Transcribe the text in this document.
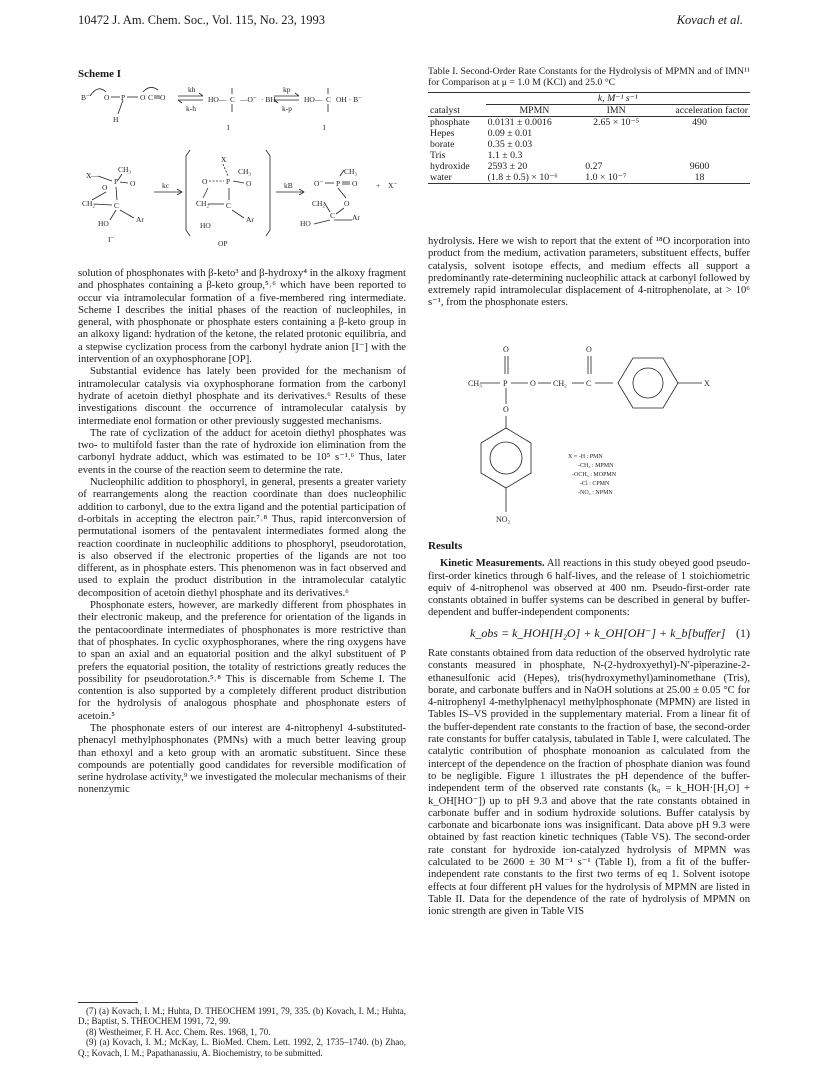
10472 J. Am. Chem. Soc., Vol. 115, No. 23, 1993	Kovach et al.
Scheme I
B⁻ O P O C O
H
kh
k-h
HO— C —O⁻ · BH
kp
k-p
HO— C OH · B⁻
I	I
X—
CH₃
O
P O
CH₂	C
HO	Ar
I⁻
kc
X
P O
O
CH₃
CH₂ C
HO
Ar
OP
kB
CH₃
O⁻ P O
CH₂	O
C
HO
Ar
+ X⁻

solution of phosphonates with β-keto³ and β-hydroxy⁴ in the alkoxy fragment and phosphates containing a β-keto group,⁵˒⁶ which have been reported to occur via intramolecular formation of a five-membered ring intermediate. Scheme I describes the initial phases of the reaction of nucleophiles, in general, with phosphonate or phosphate esters containing a β-keto group in an alkoxy ligand: hydration of the ketone, the related protonic equilibria, and a stepwise cyclization process from the carbonyl hydrate anion [I⁻] with the intervention of an oxyphosphorane [OP].

Substantial evidence has lately been provided for the mechanism of intramolecular catalysis via oxyphosphorane formation from the carbonyl hydrate of acetoin diethyl phosphate and its derivatives.⁶ Results of these investigations discount the occurrence of intramolecular catalysis by intermediate enol formation or other previously suggested mechanisms.

The rate of cyclization of the adduct for acetoin diethyl phosphates was two- to multifold faster than the rate of hydroxide ion elimination from the carbonyl hydrate adduct, which was estimated to be 10⁵ s⁻¹.⁶ Thus, later events in the course of the reaction seem to determine the rate.

Nucleophilic addition to phosphoryl, in general, presents a greater variety of rearrangements along the reaction coordinate than does nucleophilic addition to carbonyl, due to the extra ligand and the potential participation of d-orbitals in accepting the electron pair.⁷˒⁸ Thus, rapid interconversion of permutational isomers of the pentavalent intermediates formed along the reaction coordinate in nucleophilic additions to phosphoryl, pseudorotation, is also observed if the electronic properties of the ligands are not too different, as in phosphate esters. This phenomenon was in fact observed and used to explain the product distribution in the intramolecular catalytic decomposition of acetoin diethyl phosphate and its derivatives.⁶

Phosphonate esters, however, are markedly different from phosphates in their electronic makeup, and the preference for orientation of the ligands in the pentacoordinate intermediates of phosphonates is more restrictive than that of phosphates. In cyclic oxyphosphoranes, where the ring oxygens have to span an axial and an equatorial position and the alkyl substituent of P prefers the equatorial position, the totality of restrictions greatly reduces the possibility for pseudorotation.⁵˒⁸ This is discernable from Scheme I. The contention is also supported by a completely different product distribution for the hydrolysis of analogous phosphate and phosphonate esters of acetoin.⁵

The phosphonate esters of our interest are 4-nitrophenyl 4-substituted-phenacyl methylphosphonates (PMNs) with a much better leaving group than ethoxyl and a keto group with an aromatic substituent. Since these compounds are potentially good candidates for reversible modification of serine hydrolase activity,⁹ we investigated the molecular mechanisms of their nonenzymic

(7) (a) Kovach, I. M.; Huhta, D. THEOCHEM 1991, 79, 335. (b) Kovach, I. M.; Huhta, D.; Baptist, S. THEOCHEM 1991, 72, 99.

(8) Westheimer, F. H. Acc. Chem. Res. 1968, 1, 70.

(9) (a) Kovach, I. M.; McKay, L. BioMed. Chem. Lett. 1992, 2, 1735–1740. (b) Zhao, Q.; Kovach, I. M.; Papathanassiu, A. Biochemistry, to be submitted.

Table I. Second-Order Rate Constants for the Hydrolysis of MPMN and of IMN¹¹ for Comparison at μ = 1.0 M (KCl) and 25.0 °C
	k, M⁻¹ s⁻¹		
catalyst	MPMN	IMN	acceleration factor
phosphate	0.0131 ± 0.0016	2.65 × 10⁻⁵	490
Hepes	0.09 ± 0.01		
borate	0.35 ± 0.03		
Tris	1.1 ± 0.3		
hydroxide	2593 ± 20	0.27	9600
water	(1.8 ± 0.5) × 10⁻⁶	1.0 × 10⁻⁷	18

hydrolysis. Here we wish to report that the extent of ¹⁸O incorporation into product from the medium, activation parameters, substituent effects, buffer catalysis, solvent isotope effects, and medium effects all support a predominantly rate-determining nucleophilic attack at carbonyl followed by extremely rapid intramolecular displacement of 4-nitrophenolate, at > 10⁶ s⁻¹, from the phosphonate esters.

CH₃	P
O
O CH₂ C
O
X
O
NO₂
X = -H : PMN
-CH₃ : MPMN
-OCH₃ : MOPMN
-Cl : CPMN
-NO₂ : NPMN
Results

Kinetic Measurements. All reactions in this study obeyed good pseudo-first-order kinetics through 6 half-lives, and the release of 1 stoichiometric equiv of 4-nitrophenol was observed at 400 nm. Pseudo-first-order rate constants obtained in buffer systems can be described in general by buffer-dependent and buffer-independent components:

k_obs = k_HOH[H₂O] + k_OH[OH⁻] + k_b[buffer] (1)

Rate constants obtained from data reduction of the observed hydrolytic rate constants measured in phosphate, N-(2-hydroxyethyl)-N′-piperazine-2-ethanesulfonic acid (Hepes), tris(hydroxymethyl)aminomethane (Tris), borate, and carbonate buffers and in NaOH solutions at 25.00 ± 0.05 °C for 4-nitrophenyl 4-methylphenacyl methylphosphonate (MPMN) are listed in Tables IS–VS provided in the supplementary material. From a linear fit of the buffer-dependent rate constants to the fraction of base, the second-order rate constants for buffer catalysis, tabulated in Table I, were calculated. The catalytic contribution of phosphate monoanion as calculated from the intercept of the dependence on the fraction of phosphate dianion was found to be negligible. Figure 1 illustrates the pH dependence of the buffer-independent term of the observed rate constants (k₀ = k_HOH·[H₂O] + k_OH[HO⁻]) up to pH 9.3 and above that the rate constants obtained in carbonate buffer and in sodium hydroxide solutions. Buffer catalysis by carbonate and bicarbonate ions was insignificant. Data above pH 9.3 were obtained by fast reaction kinetic techniques (Table VS). The second-order rate constant for hydroxide ion-catalyzed hydrolysis of MPMN was calculated to be 2600 ± 30 M⁻¹ s⁻¹ (Table I), from a fit of the buffer-independent rate constants to the first two terms of eq 1. Solvent isotope effects at four different pH values for the hydrolysis of MPMN are listed in Table II. Data for the dependence of the rate of hydrolysis of MPMN on ionic strength are given in Table VIS
